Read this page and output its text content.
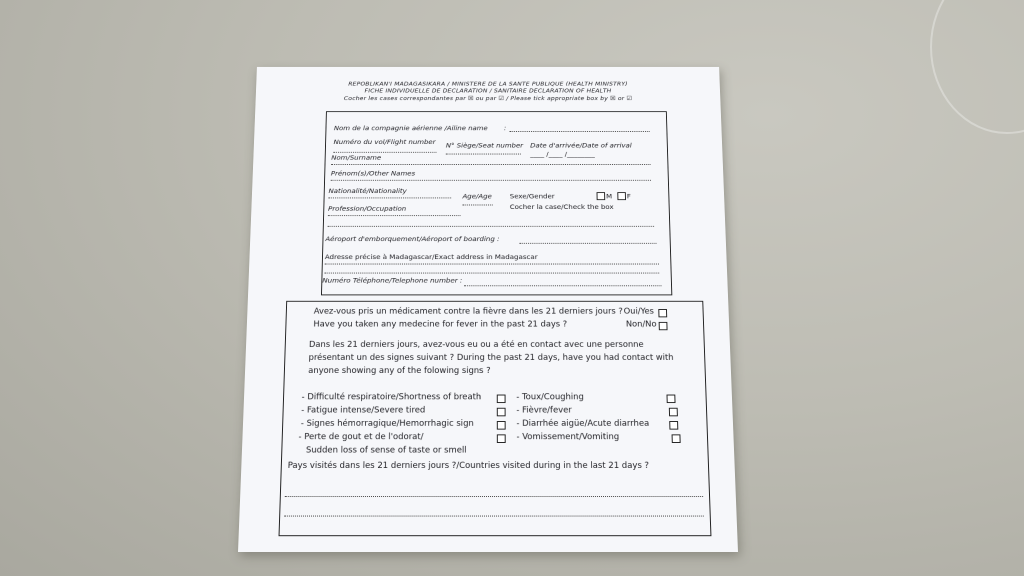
REPOBLIKAN'I MADAGASIKARA / MINISTERE DE LA SANTE PUBLIQUE (HEALTH MINISTRY)
FICHE INDIVIDUELLE DE DECLARATION / SANITAIRE DECLARATION OF HEALTH
Cocher les cases correspondantes par ☒ ou par ☑ / Please tick appropriate box by ☒ or ☑
Nom de la compagnie aérienne /Ailine name :
Numéro du vol/Flight number N° Siège/Seat number Date d'arrivée/Date of arrival
____ /____ /________
Nom/Surname
Prénom(s)/Other Names
Nationalité/Nationality
Age/Age Sexe/Gender	M F
Cocher la case/Check the box
Profession/Occupation
Aéroport d'emborquement/Aéroport of boarding :
Adresse précise à Madagascar/Exact address in Madagascar
Numéro Téléphone/Telephone number :
Avez-vous pris un médicament contre la fièvre dans les 21 derniers jours ?
Have you taken any medecine for fever in the past 21 days ?
Oui/Yes
Non/No
Dans les 21 derniers jours, avez-vous eu ou a été en contact avec une personne
présentant un des signes suivant ? During the past 21 days, have you had contact with
anyone showing any of the folowing signs ?
- Difficulté respiratoire/Shortness of breath
- Fatigue intense/Severe tired
- Signes hémorragique/Hemorrhagic sign
- Perte de gout et de l'odorat/
Sudden loss of sense of taste or smell
- Toux/Coughing
- Fièvre/fever
- Diarrhée aigüe/Acute diarrhea
- Vomissement/Vomiting
Pays visités dans les 21 derniers jours ?/Countries visited during in the last 21 days ?
